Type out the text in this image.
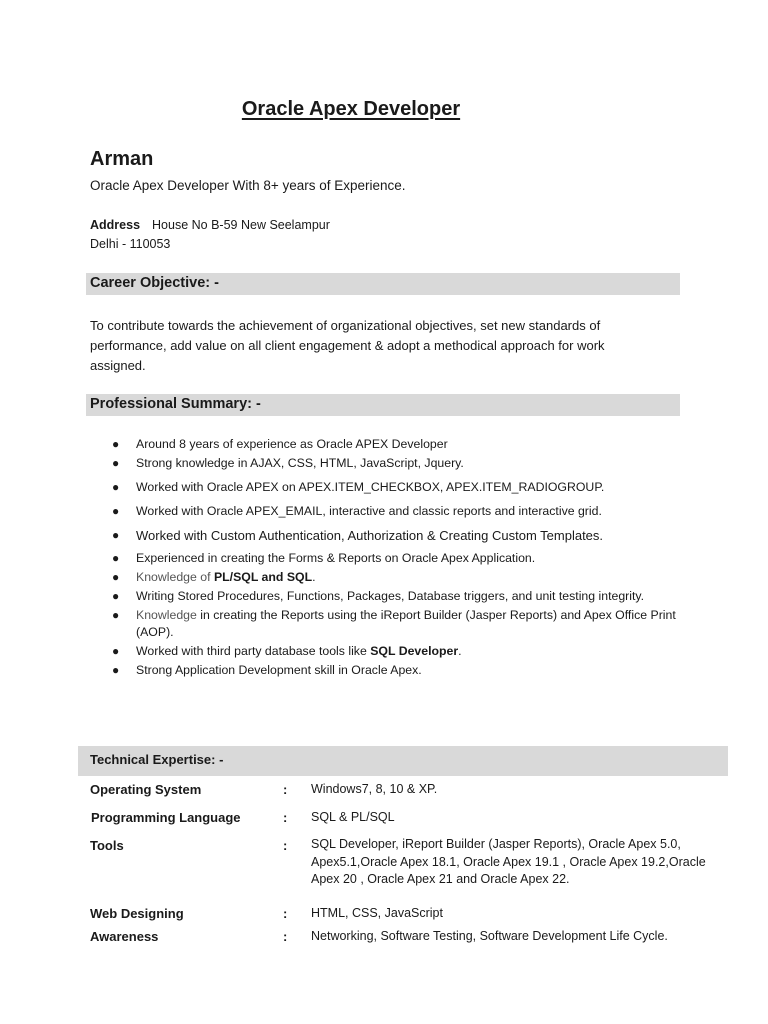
Oracle Apex Developer
Arman
Oracle Apex Developer With 8+ years of Experience.
Address House No B-59 New Seelampur
Delhi - 110053
Career Objective: -
To contribute towards the achievement of organizational objectives, set new standards of performance, add value on all client engagement & adopt a methodical approach for work assigned.
Professional Summary: -
● Around 8 years of experience as Oracle APEX Developer
● Strong knowledge in AJAX, CSS, HTML, JavaScript, Jquery.
● Worked with Oracle APEX on APEX.ITEM_CHECKBOX, APEX.ITEM_RADIOGROUP.
● Worked with Oracle APEX_EMAIL, interactive and classic reports and interactive grid.
● Worked with Custom Authentication, Authorization & Creating Custom Templates.
● Experienced in creating the Forms & Reports on Oracle Apex Application.
● Knowledge of PL/SQL and SQL.
● Writing Stored Procedures, Functions, Packages, Database triggers, and unit testing integrity.
● Knowledge in creating the Reports using the iReport Builder (Jasper Reports) and Apex Office Print (AOP).
● Worked with third party database tools like SQL Developer.
● Strong Application Development skill in Oracle Apex.
Technical Expertise: -
Operating System	: Windows7, 8, 10 & XP.
Programming Language	: SQL & PL/SQL
Tools	: SQL Developer, iReport Builder (Jasper Reports), Oracle Apex 5.0, Apex5.1,Oracle Apex 18.1, Oracle Apex 19.1 , Oracle Apex 19.2,Oracle Apex 20 , Oracle Apex 21 and Oracle Apex 22.
Web Designing	: HTML, CSS, JavaScript
Awareness	: Networking, Software Testing, Software Development Life Cycle.
